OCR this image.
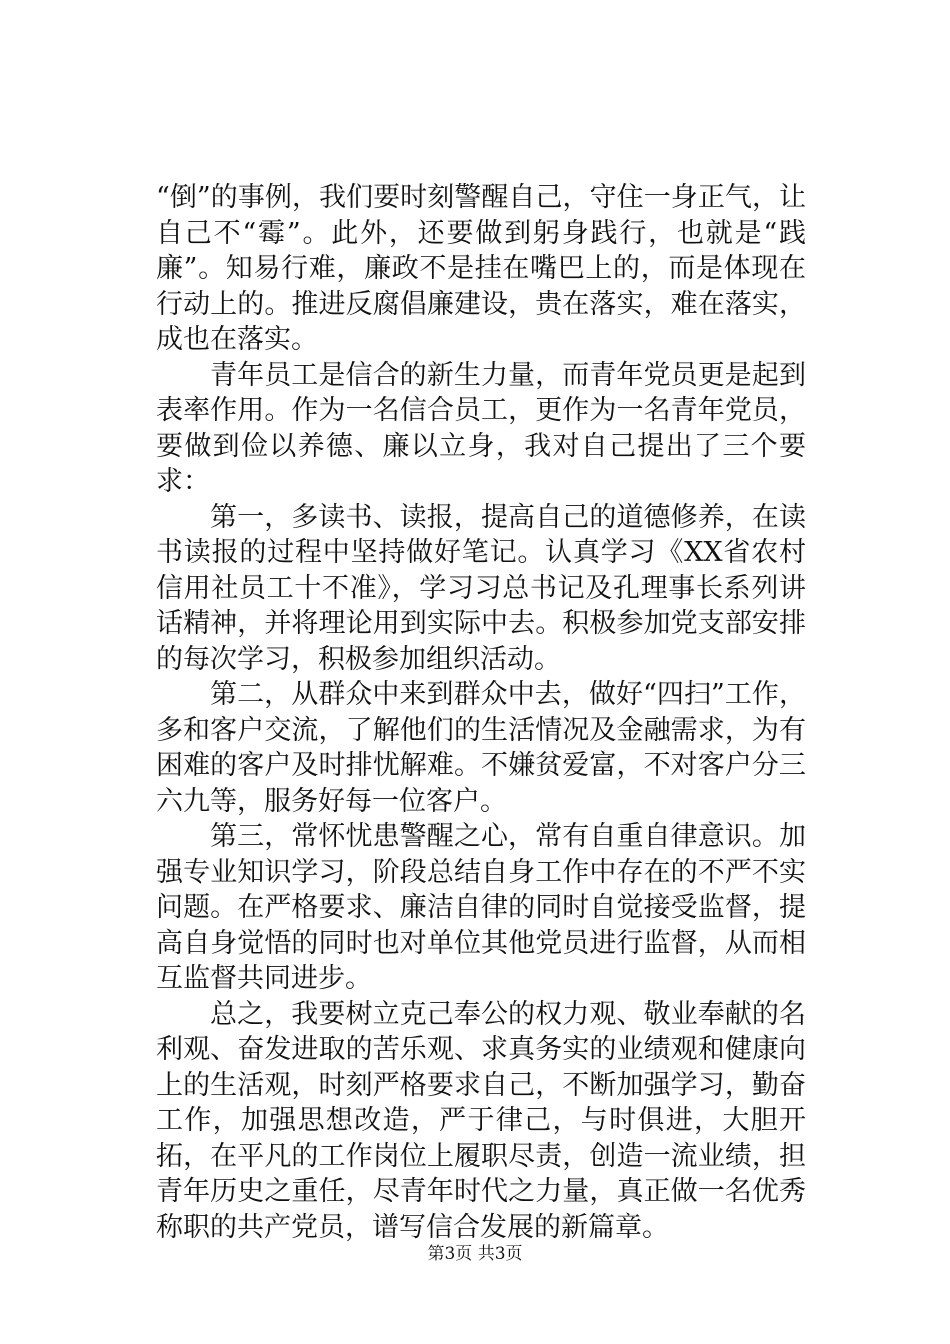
“倒”的事例，我们要时刻警醒自己，守住一身正气，让自己不“霉”。此外，还要做到躬身践行，也就是“践廉”。知易行难，廉政不是挂在嘴巴上的，而是体现在行动上的。推进反腐倡廉建设，贵在落实，难在落实，成也在落实。

青年员工是信合的新生力量，而青年党员更是起到表率作用。作为一名信合员工，更作为一名青年党员，要做到俭以养德、廉以立身，我对自己提出了三个要求：

第一，多读书、读报，提高自己的道德修养，在读书读报的过程中坚持做好笔记。认真学习《XX省农村信用社员工十不准》，学习习总书记及孔理事长系列讲话精神，并将理论用到实际中去。积极参加党支部安排的每次学习，积极参加组织活动。

第二，从群众中来到群众中去，做好“四扫”工作，多和客户交流，了解他们的生活情况及金融需求，为有困难的客户及时排忧解难。不嫌贫爱富，不对客户分三六九等，服务好每一位客户。

第三，常怀忧患警醒之心，常有自重自律意识。加强专业知识学习，阶段总结自身工作中存在的不严不实问题。在严格要求、廉洁自律的同时自觉接受监督，提高自身觉悟的同时也对单位其他党员进行监督，从而相互监督共同进步。

总之，我要树立克己奉公的权力观、敬业奉献的名利观、奋发进取的苦乐观、求真务实的业绩观和健康向上的生活观，时刻严格要求自己，不断加强学习，勤奋工作，加强思想改造，严于律己，与时俱进，大胆开拓，在平凡的工作岗位上履职尽责，创造一流业绩，担青年历史之重任，尽青年时代之力量，真正做一名优秀称职的共产党员，谱写信合发展的新篇章。

第3页 共3页
